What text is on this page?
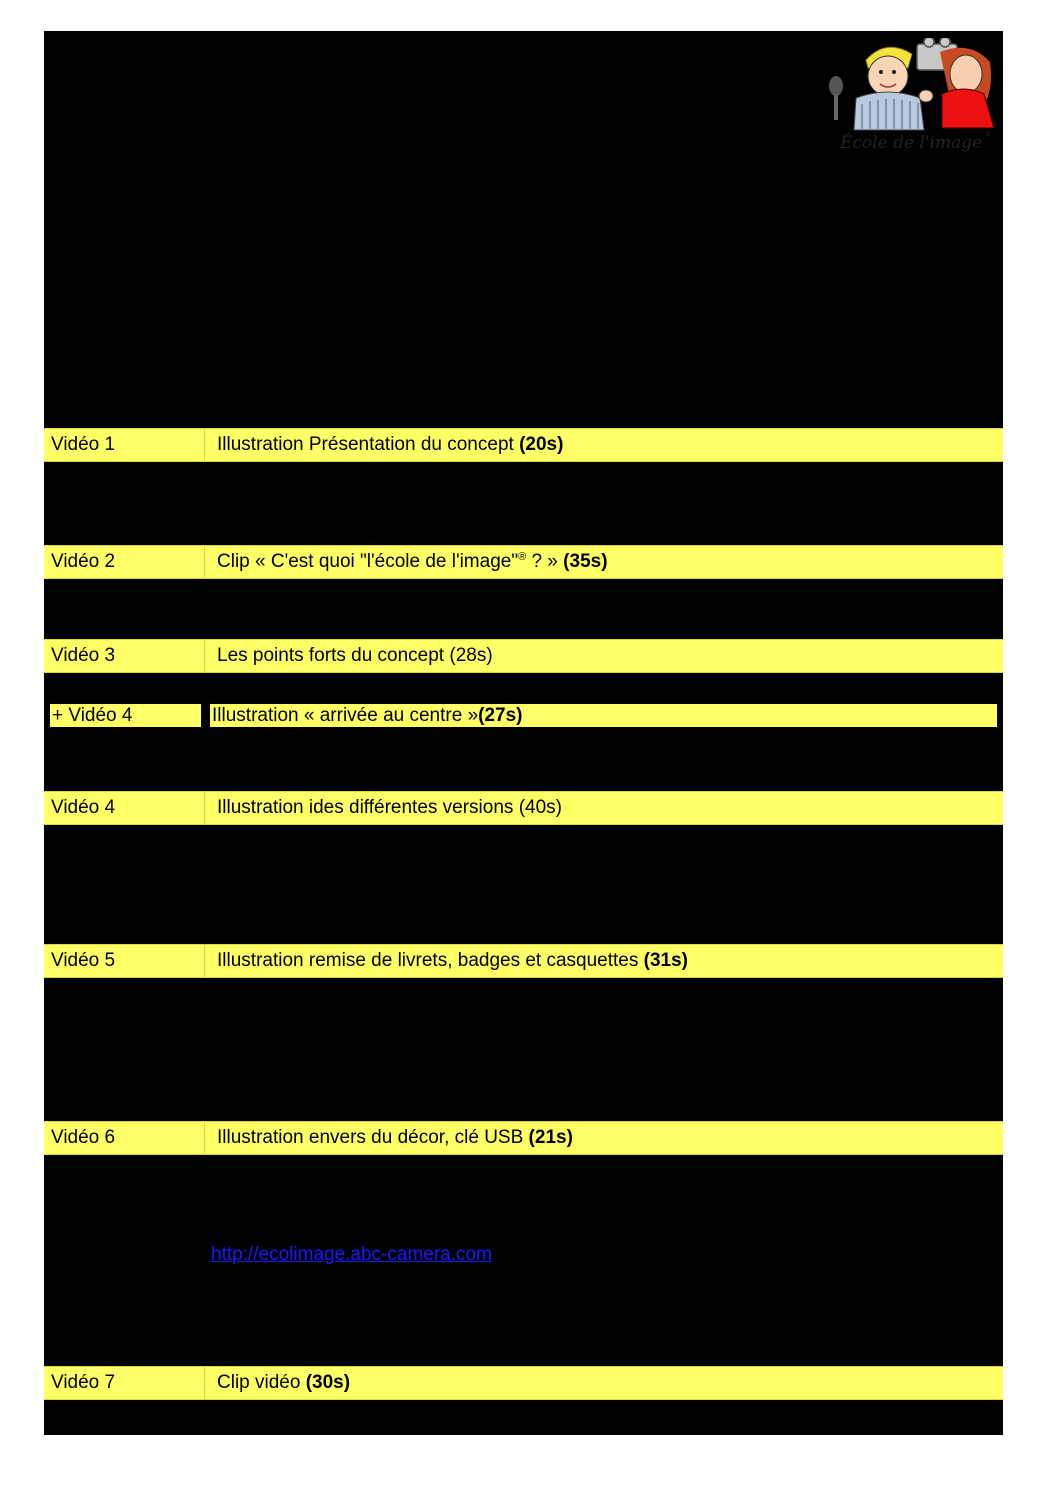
École de l'image ®
Vidéo 1	Illustration Présentation du concept (20s)
Vidéo 2	Clip « C'est quoi "l'école de l'image"® ? » (35s)
Vidéo 3	Les points forts du concept (28s)
+ Vidéo 4	Illustration « arrivée au centre »(27s)
Vidéo 4	Illustration ides différentes versions (40s)
Vidéo 5	Illustration remise de livrets, badges et casquettes (31s)
Vidéo 6	Illustration envers du décor, clé USB (21s)
http://ecolimage.abc-camera.com
Vidéo 7	Clip vidéo (30s)
